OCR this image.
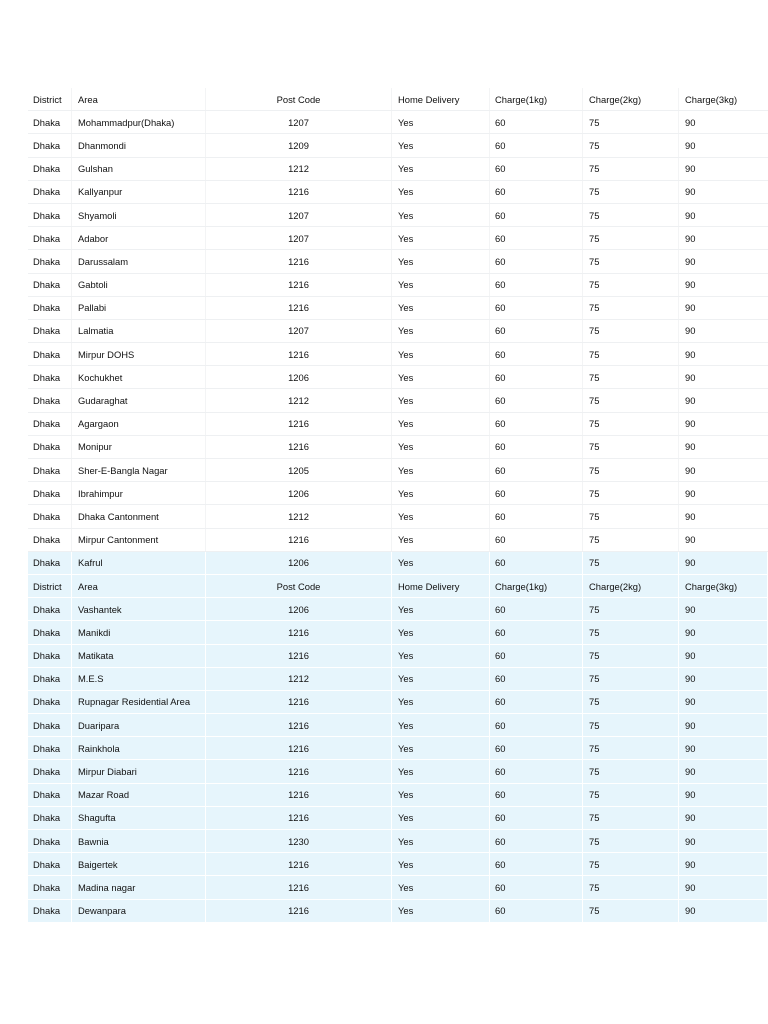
District	Area	Post Code	Home Delivery	Charge(1kg)	Charge(2kg)	Charge(3kg)
Dhaka	Mohammadpur(Dhaka)	1207	Yes	60	75	90
Dhaka	Dhanmondi	1209	Yes	60	75	90
Dhaka	Gulshan	1212	Yes	60	75	90
Dhaka	Kallyanpur	1216	Yes	60	75	90
Dhaka	Shyamoli	1207	Yes	60	75	90
Dhaka	Adabor	1207	Yes	60	75	90
Dhaka	Darussalam	1216	Yes	60	75	90
Dhaka	Gabtoli	1216	Yes	60	75	90
Dhaka	Pallabi	1216	Yes	60	75	90
Dhaka	Lalmatia	1207	Yes	60	75	90
Dhaka	Mirpur DOHS	1216	Yes	60	75	90
Dhaka	Kochukhet	1206	Yes	60	75	90
Dhaka	Gudaraghat	1212	Yes	60	75	90
Dhaka	Agargaon	1216	Yes	60	75	90
Dhaka	Monipur	1216	Yes	60	75	90
Dhaka	Sher-E-Bangla Nagar	1205	Yes	60	75	90
Dhaka	Ibrahimpur	1206	Yes	60	75	90
Dhaka	Dhaka Cantonment	1212	Yes	60	75	90
Dhaka	Mirpur Cantonment	1216	Yes	60	75	90
Dhaka	Kafrul	1206	Yes	60	75	90
District	Area	Post Code	Home Delivery	Charge(1kg)	Charge(2kg)	Charge(3kg)
Dhaka	Vashantek	1206	Yes	60	75	90
Dhaka	Manikdi	1216	Yes	60	75	90
Dhaka	Matikata	1216	Yes	60	75	90
Dhaka	M.E.S	1212	Yes	60	75	90
Dhaka	Rupnagar Residential Area	1216	Yes	60	75	90
Dhaka	Duaripara	1216	Yes	60	75	90
Dhaka	Rainkhola	1216	Yes	60	75	90
Dhaka	Mirpur Diabari	1216	Yes	60	75	90
Dhaka	Mazar Road	1216	Yes	60	75	90
Dhaka	Shagufta	1216	Yes	60	75	90
Dhaka	Bawnia	1230	Yes	60	75	90
Dhaka	Baigertek	1216	Yes	60	75	90
Dhaka	Madina nagar	1216	Yes	60	75	90
Dhaka	Dewanpara	1216	Yes	60	75	90
